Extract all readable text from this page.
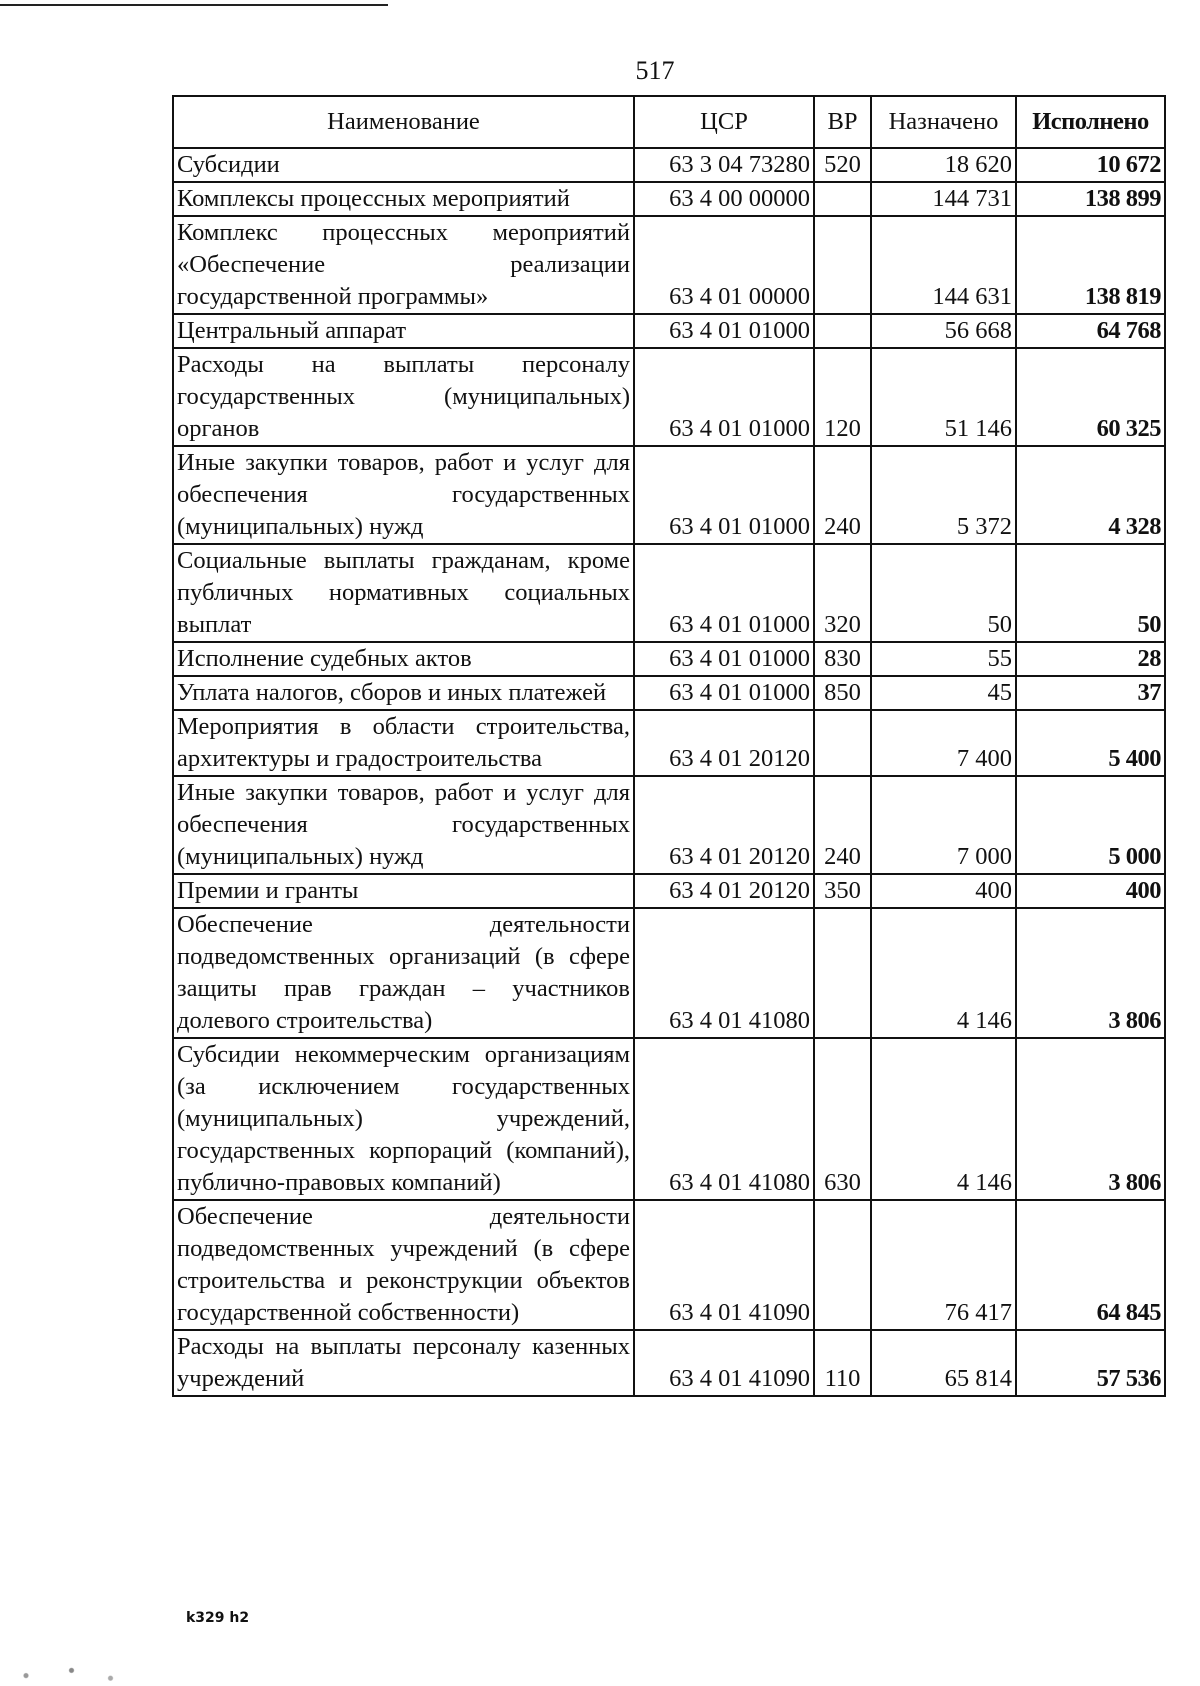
517
Наименование	ЦСР	ВР	Назначено	Исполнено
Субсидии	63 3 04 73280	520	18 620	10 672
Комплексы процессных мероприятий	63 4 00 00000		144 731	138 899
Комплекс процессных мероприятий «Обеспечение реализации государственной программы»	63 4 01 00000		144 631	138 819
Центральный аппарат	63 4 01 01000		56 668	64 768
Расходы на выплаты персоналу государственных (муниципальных) органов	63 4 01 01000	120	51 146	60 325
Иные закупки товаров, работ и услуг для обеспечения государственных (муниципальных) нужд	63 4 01 01000	240	5 372	4 328
Социальные выплаты гражданам, кроме публичных нормативных социальных выплат	63 4 01 01000	320	50	50
Исполнение судебных актов	63 4 01 01000	830	55	28
Уплата налогов, сборов и иных платежей	63 4 01 01000	850	45	37
Мероприятия в области строительства, архитектуры и градостроительства	63 4 01 20120		7 400	5 400
Иные закупки товаров, работ и услуг для обеспечения государственных (муниципальных) нужд	63 4 01 20120	240	7 000	5 000
Премии и гранты	63 4 01 20120	350	400	400
Обеспечение деятельности подведомственных организаций (в сфере защиты прав граждан – участников долевого строительства)	63 4 01 41080		4 146	3 806
Субсидии некоммерческим организациям (за исключением государственных (муниципальных) учреждений, государственных корпораций (компаний), публично-правовых компаний)	63 4 01 41080	630	4 146	3 806
Обеспечение деятельности подведомственных учреждений (в сфере строительства и реконструкции объектов государственной собственности)	63 4 01 41090		76 417	64 845
Расходы на выплаты персоналу казенных учреждений	63 4 01 41090	110	65 814	57 536
k329 h2
